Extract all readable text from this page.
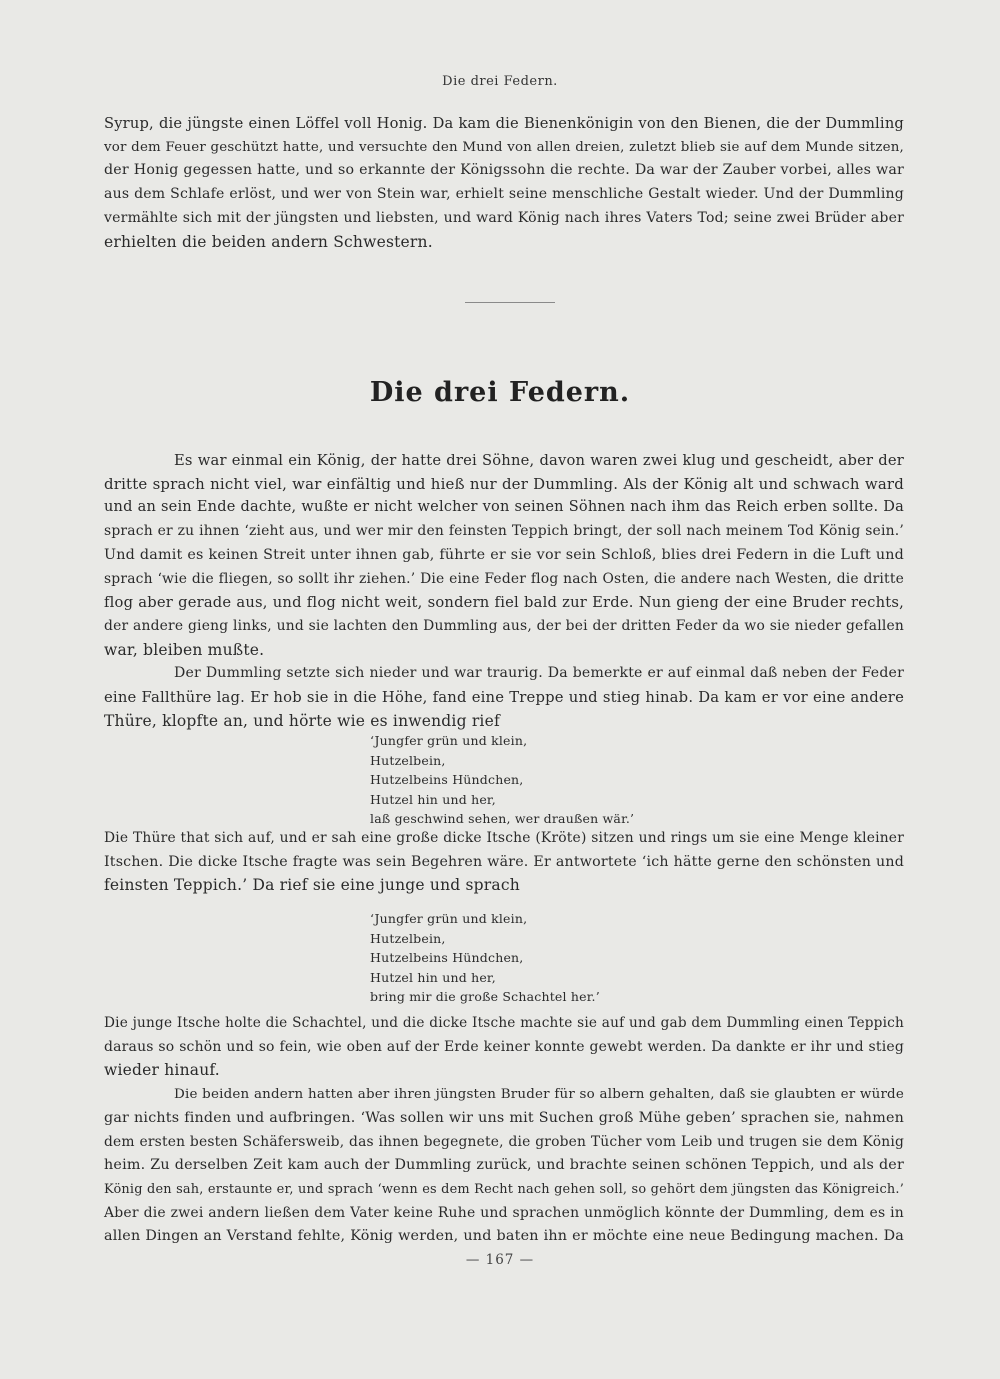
Die drei Federn.
Syrup, die jüngste einen Löffel voll Honig. Da kam die Bienenkönigin von den Bienen, die der Dummling
vor dem Feuer geschützt hatte, und versuchte den Mund von allen dreien, zuletzt blieb sie auf dem Munde sitzen,
der Honig gegessen hatte, und so erkannte der Königssohn die rechte. Da war der Zauber vorbei, alles war
aus dem Schlafe erlöst, und wer von Stein war, erhielt seine menschliche Gestalt wieder. Und der Dummling
vermählte sich mit der jüngsten und liebsten, und ward König nach ihres Vaters Tod; seine zwei Brüder aber
erhielten die beiden andern Schwestern.
Die drei Federn.
Es war einmal ein König, der hatte drei Söhne, davon waren zwei klug und gescheidt, aber der
dritte sprach nicht viel, war einfältig und hieß nur der Dummling. Als der König alt und schwach ward
und an sein Ende dachte, wußte er nicht welcher von seinen Söhnen nach ihm das Reich erben sollte. Da
sprach er zu ihnen ‘zieht aus, und wer mir den feinsten Teppich bringt, der soll nach meinem Tod König sein.’
Und damit es keinen Streit unter ihnen gab, führte er sie vor sein Schloß, blies drei Federn in die Luft und
sprach ‘wie die fliegen, so sollt ihr ziehen.’ Die eine Feder flog nach Osten, die andere nach Westen, die dritte
flog aber gerade aus, und flog nicht weit, sondern fiel bald zur Erde. Nun gieng der eine Bruder rechts,
der andere gieng links, und sie lachten den Dummling aus, der bei der dritten Feder da wo sie nieder gefallen
war, bleiben mußte.
Der Dummling setzte sich nieder und war traurig. Da bemerkte er auf einmal daß neben der Feder
eine Fallthüre lag. Er hob sie in die Höhe, fand eine Treppe und stieg hinab. Da kam er vor eine andere
Thüre, klopfte an, und hörte wie es inwendig rief
‘Jungfer grün und klein,
Hutzelbein,
Hutzelbeins Hündchen,
Hutzel hin und her,
laß geschwind sehen, wer draußen wär.’
Die Thüre that sich auf, und er sah eine große dicke Itsche (Kröte) sitzen und rings um sie eine Menge kleiner
Itschen. Die dicke Itsche fragte was sein Begehren wäre. Er antwortete ‘ich hätte gerne den schönsten und
feinsten Teppich.’ Da rief sie eine junge und sprach
‘Jungfer grün und klein,
Hutzelbein,
Hutzelbeins Hündchen,
Hutzel hin und her,
bring mir die große Schachtel her.’
Die junge Itsche holte die Schachtel, und die dicke Itsche machte sie auf und gab dem Dummling einen Teppich
daraus so schön und so fein, wie oben auf der Erde keiner konnte gewebt werden. Da dankte er ihr und stieg
wieder hinauf.
Die beiden andern hatten aber ihren jüngsten Bruder für so albern gehalten, daß sie glaubten er würde
gar nichts finden und aufbringen. ‘Was sollen wir uns mit Suchen groß Mühe geben’ sprachen sie, nahmen
dem ersten besten Schäfersweib, das ihnen begegnete, die groben Tücher vom Leib und trugen sie dem König
heim. Zu derselben Zeit kam auch der Dummling zurück, und brachte seinen schönen Teppich, und als der
König den sah, erstaunte er, und sprach ‘wenn es dem Recht nach gehen soll, so gehört dem jüngsten das Königreich.’
Aber die zwei andern ließen dem Vater keine Ruhe und sprachen unmöglich könnte der Dummling, dem es in
allen Dingen an Verstand fehlte, König werden, und baten ihn er möchte eine neue Bedingung machen. Da
— 167 —
